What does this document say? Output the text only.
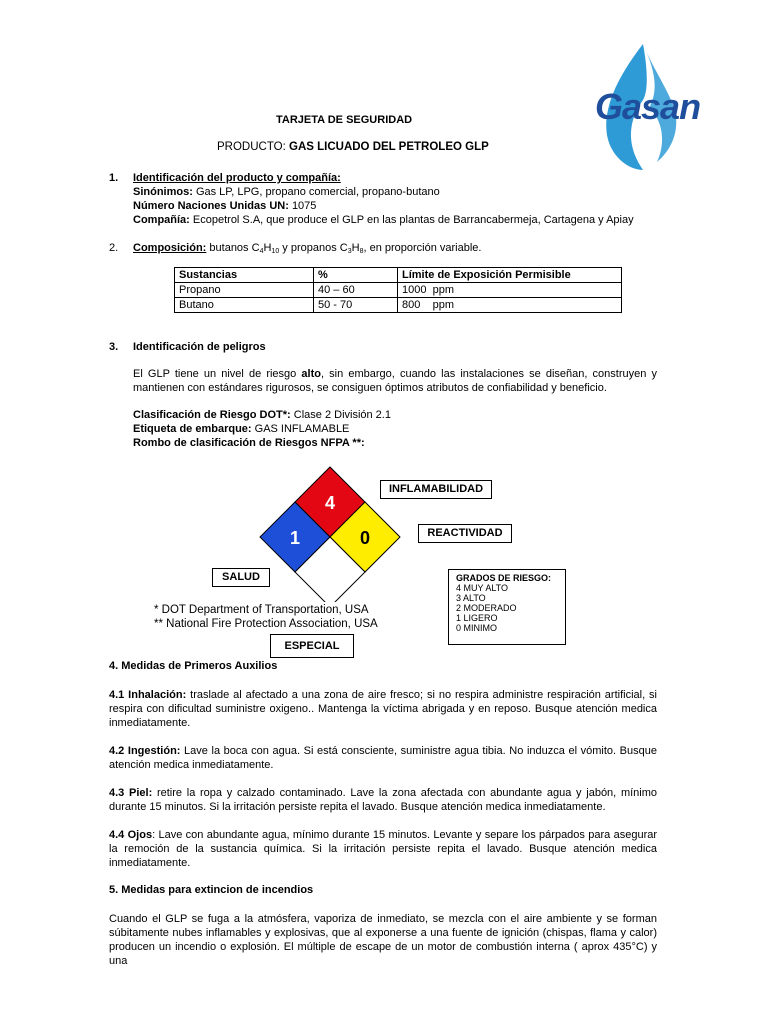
Gasan
TARJETA DE SEGURIDAD
PRODUCTO: GAS LICUADO DEL PETROLEO GLP
1. Identificación del producto y compañía:
Sinónimos: Gas LP, LPG, propano comercial, propano-butano
Número Naciones Unidas UN: 1075
Compañía: Ecopetrol S.A, que produce el GLP en las plantas de Barrancabermeja, Cartagena y Apiay
2. Composición: butanos $C_4H_{10}$ y propanos $C_3H_8$, en proporción variable.
Sustancias	%	Límite de Exposición Permisible
Propano	40 – 60	1000  ppm
Butano	50 - 70	800    ppm
3. Identificación de peligros
El GLP tiene un nivel de riesgo alto, sin embargo, cuando las instalaciones se diseñan, construyen y mantienen con estándares rigurosos, se consiguen óptimos atributos de confiabilidad y beneficio.
Clasificación de Riesgo DOT*: Clase 2 División 2.1
Etiqueta de embarque: GAS INFLAMABLE
Rombo de clasificación de Riesgos NFPA **:
4
1	0
INFLAMABILIDAD
REACTIVIDAD
SALUD
ESPECIAL
GRADOS DE RIESGO:
4 MUY ALTO
3 ALTO
2 MODERADO
1 LIGERO
0 MINIMO
* DOT Department of Transportation, USA
** National Fire Protection Association, USA
4. Medidas de Primeros Auxilios
4.1 Inhalación: traslade al afectado a una zona de aire fresco; si no respira administre respiración artificial, si respira con dificultad suministre oxigeno.. Mantenga la víctima abrigada y en reposo. Busque atención medica inmediatamente.
4.2 Ingestión: Lave la boca con agua. Si está consciente, suministre agua tibia. No induzca el vómito. Busque atención medica inmediatamente.
4.3 Piel: retire la ropa y calzado contaminado. Lave la zona afectada con abundante agua y jabón, mínimo durante 15 minutos. Si la irritación persiste repita el lavado. Busque atención medica inmediatamente.
4.4 Ojos: Lave con abundante agua, mínimo durante 15 minutos. Levante y separe los párpados para asegurar la remoción de la sustancia química. Si la irritación persiste repita el lavado. Busque atención medica inmediatamente.
5. Medidas para extincion de incendios
Cuando el GLP se fuga a la atmósfera, vaporiza de inmediato, se mezcla con el aire ambiente y se forman súbitamente nubes inflamables y explosivas, que al exponerse a una fuente de ignición (chispas, flama y calor) producen un incendio o explosión. El múltiple de escape de un motor de combustión interna ( aprox 435°C) y una
